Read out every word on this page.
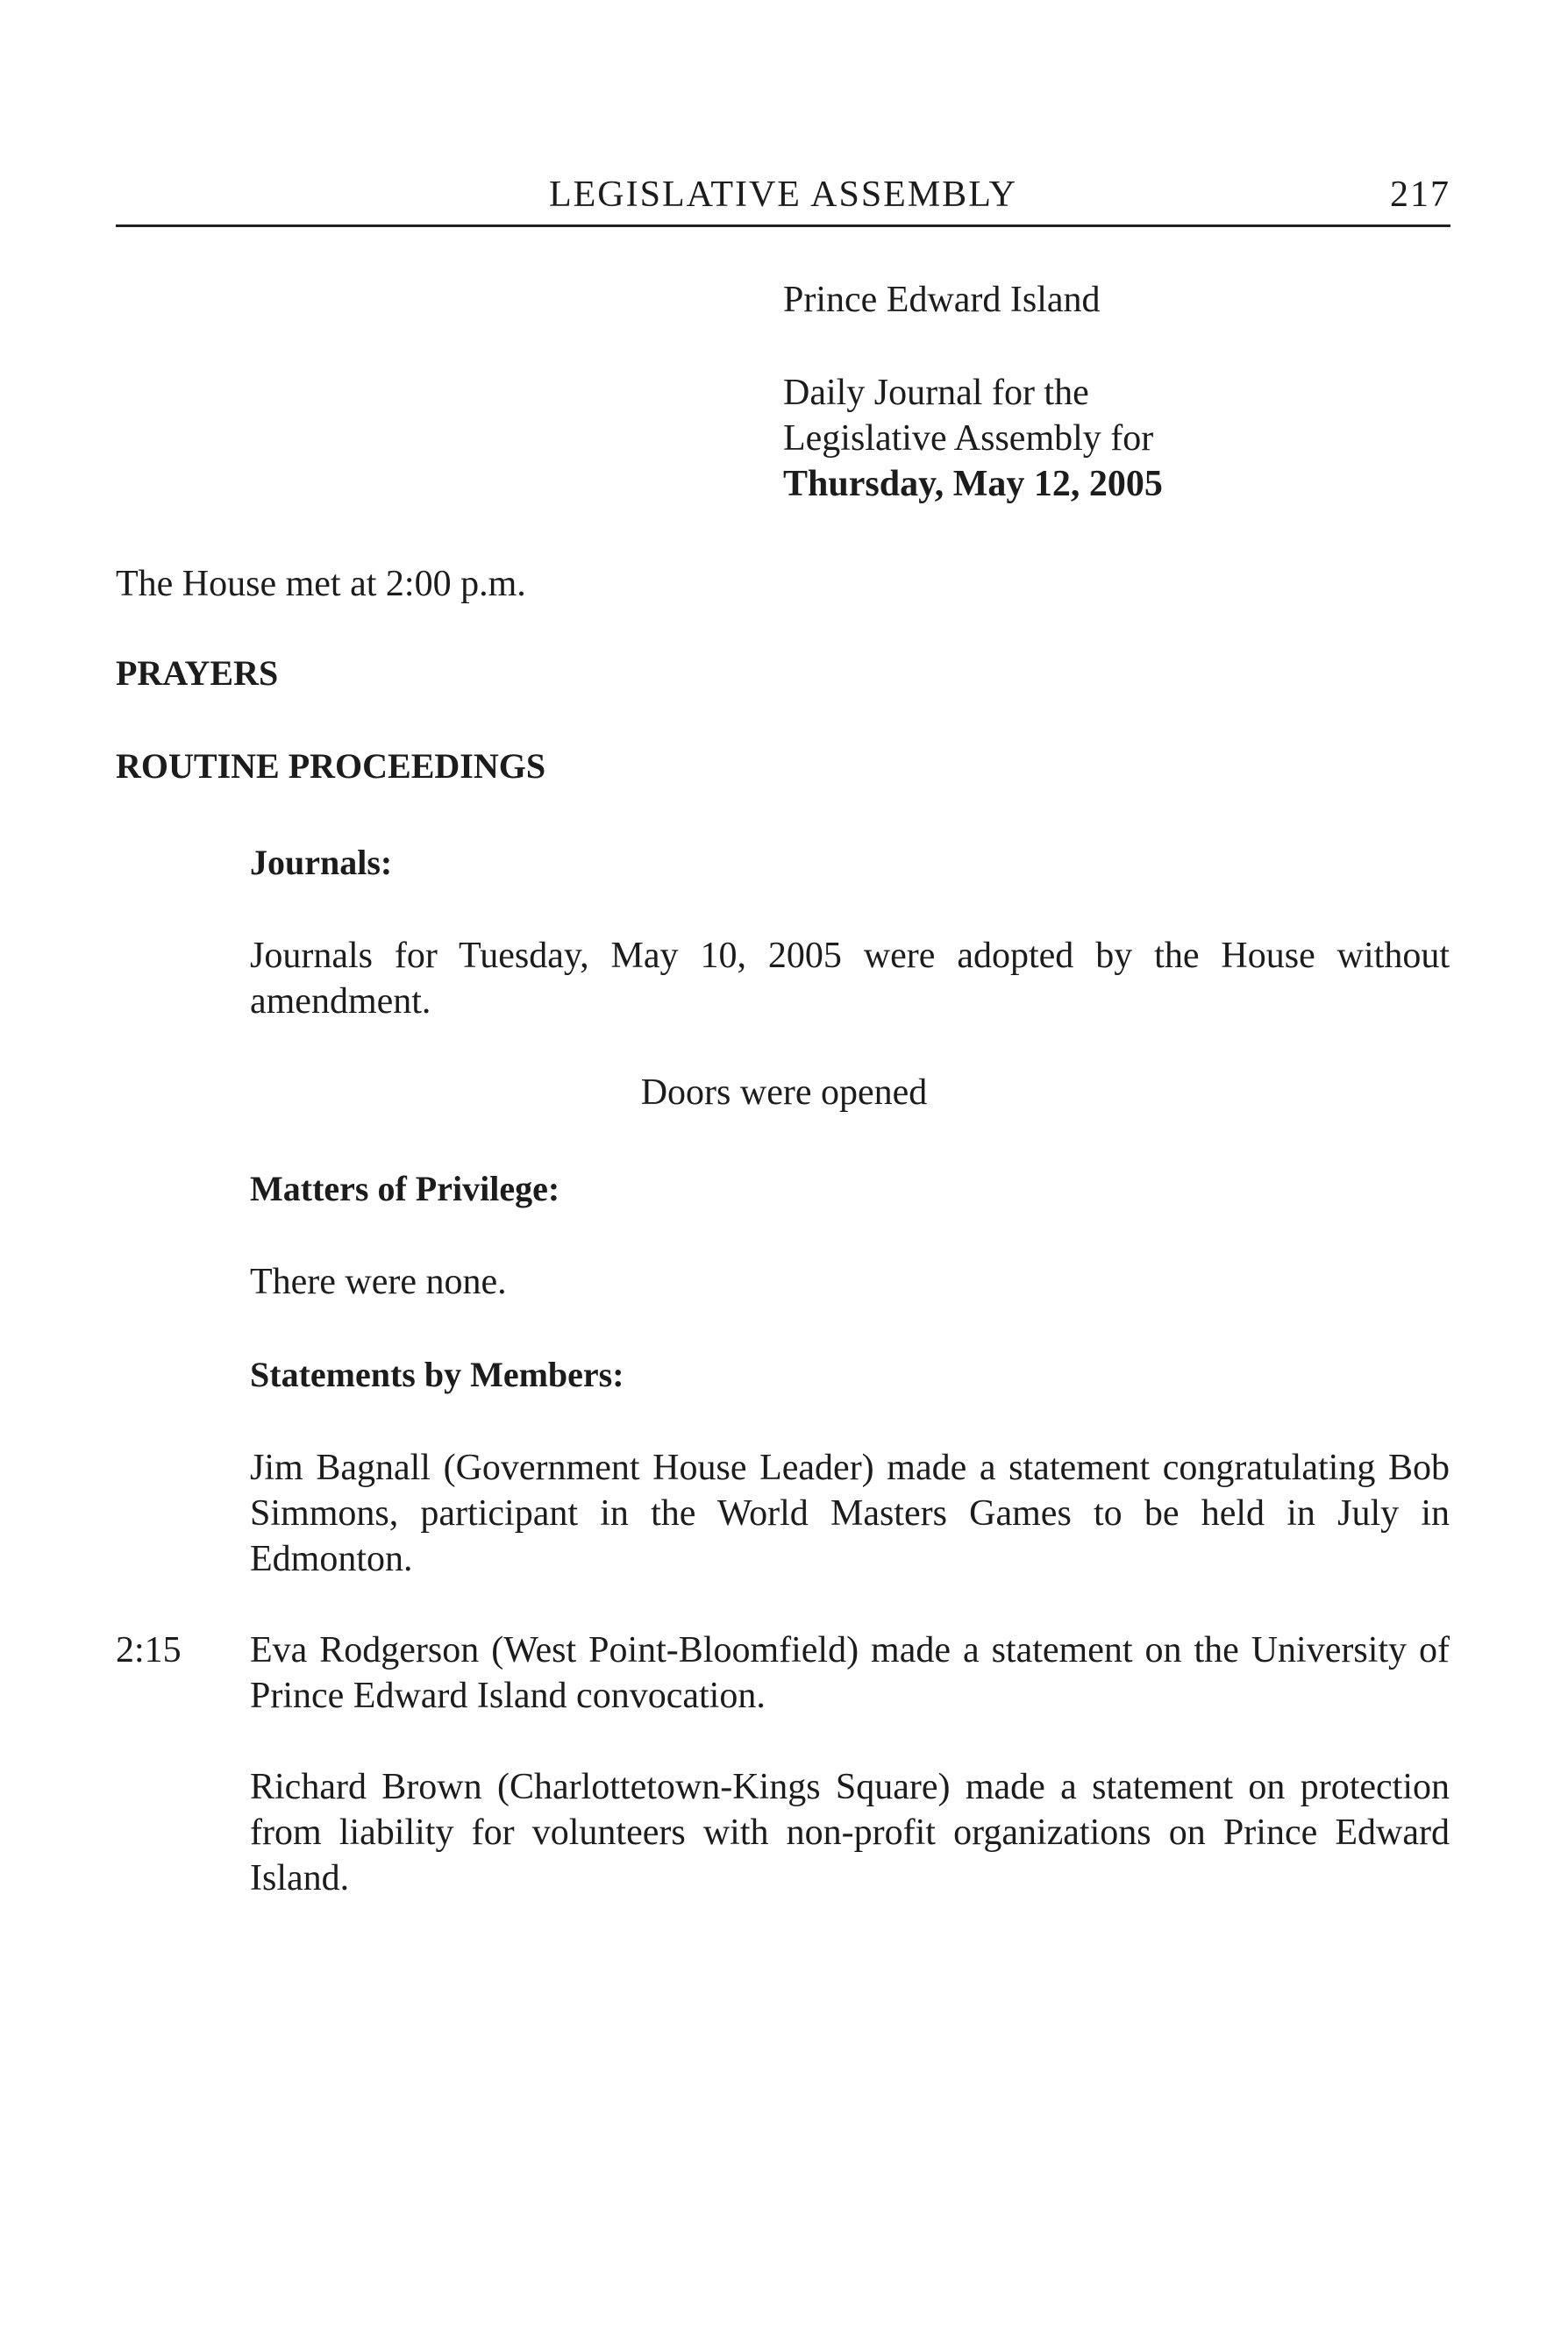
LEGISLATIVE ASSEMBLY	217
Prince Edward Island
Daily Journal for the
Legislative Assembly for
Thursday, May 12, 2005
The House met at 2:00 p.m.
PRAYERS
ROUTINE PROCEEDINGS
Journals:
Journals for Tuesday, May 10, 2005 were adopted by the House without amendment.
Doors were opened
Matters of Privilege:
There were none.
Statements by Members:
Jim Bagnall (Government House Leader) made a statement congratulating Bob Simmons, participant in the World Masters Games to be held in July in Edmonton.
2:15 Eva Rodgerson (West Point-Bloomfield) made a statement on the University of Prince Edward Island convocation.
Richard Brown (Charlottetown-Kings Square) made a statement on protection from liability for volunteers with non-profit organizations on Prince Edward Island.
